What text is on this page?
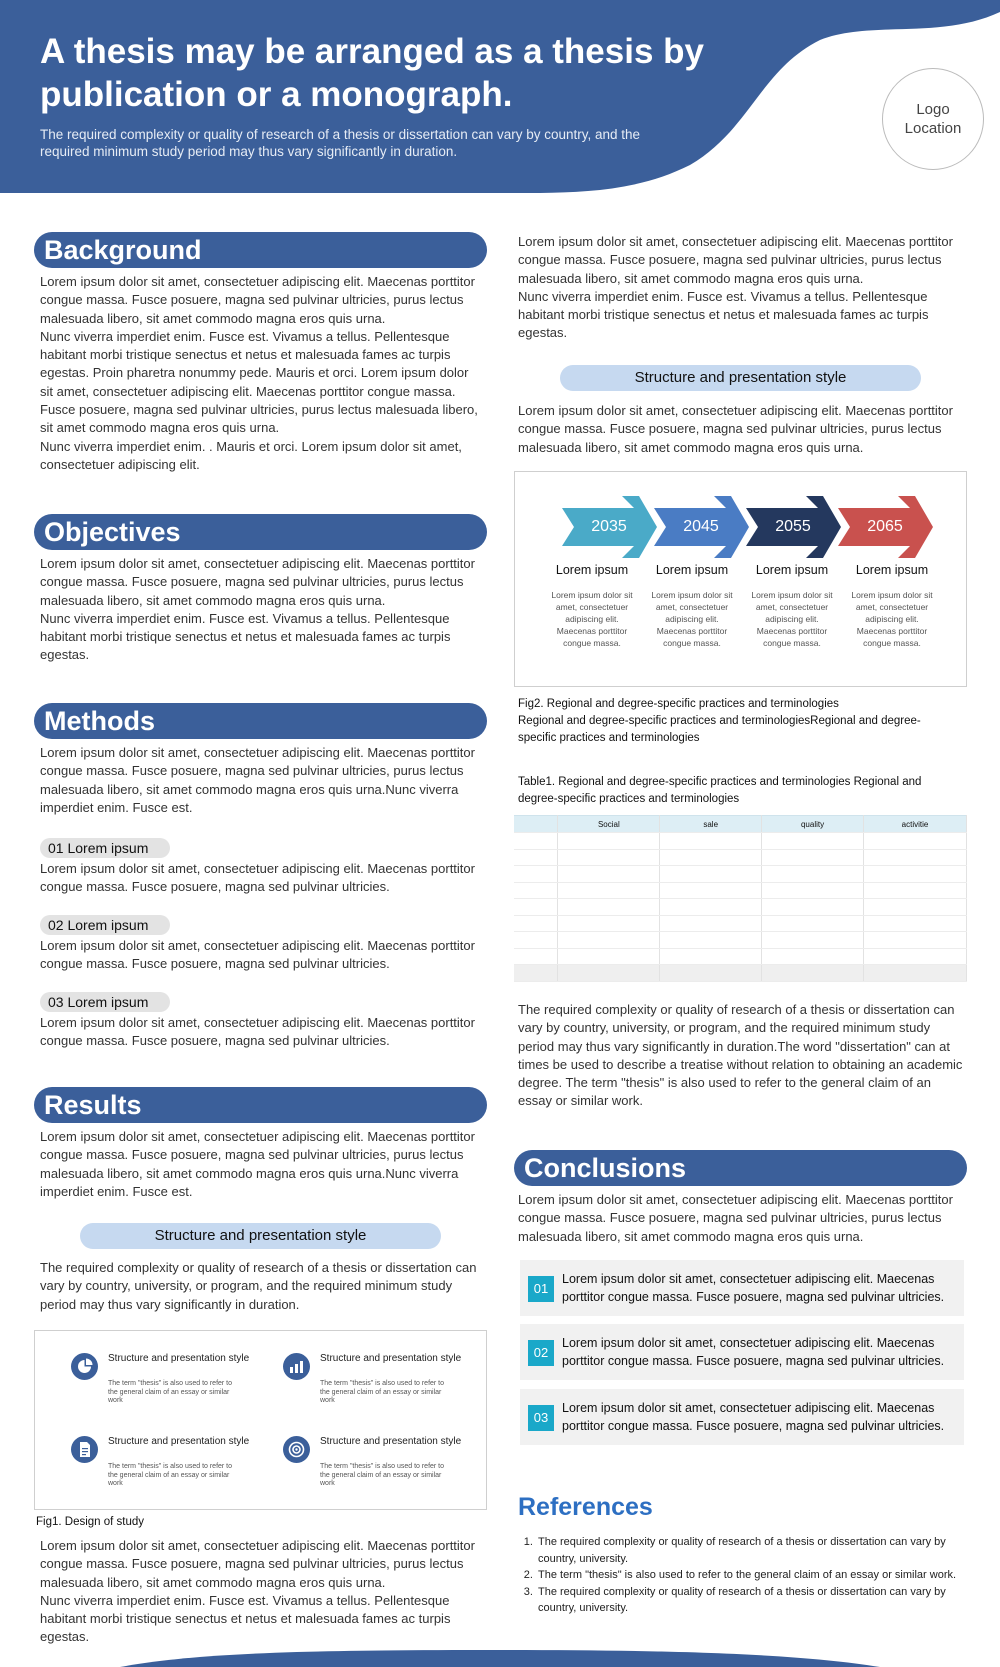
A thesis may be arranged as a thesis by publication or a monograph.
The required complexity or quality of research of a thesis or dissertation can vary by country, and the required minimum study period may thus vary significantly in duration.
Logo Location
Background
Lorem ipsum dolor sit amet, consectetuer adipiscing elit. Maecenas porttitor congue massa. Fusce posuere, magna sed pulvinar ultricies, purus lectus malesuada libero, sit amet commodo magna eros quis urna.
Nunc viverra imperdiet enim. Fusce est. Vivamus a tellus. Pellentesque habitant morbi tristique senectus et netus et malesuada fames ac turpis egestas. Proin pharetra nonummy pede. Mauris et orci. Lorem ipsum dolor sit amet, consectetuer adipiscing elit. Maecenas porttitor congue massa. Fusce posuere, magna sed pulvinar ultricies, purus lectus malesuada libero, sit amet commodo magna eros quis urna.
Nunc viverra imperdiet enim. . Mauris et orci. Lorem ipsum dolor sit amet, consectetuer adipiscing elit.
Objectives
Lorem ipsum dolor sit amet, consectetuer adipiscing elit. Maecenas porttitor congue massa. Fusce posuere, magna sed pulvinar ultricies, purus lectus malesuada libero, sit amet commodo magna eros quis urna.
Nunc viverra imperdiet enim. Fusce est. Vivamus a tellus. Pellentesque habitant morbi tristique senectus et netus et malesuada fames ac turpis egestas.
Methods
Lorem ipsum dolor sit amet, consectetuer adipiscing elit. Maecenas porttitor congue massa. Fusce posuere, magna sed pulvinar ultricies, purus lectus malesuada libero, sit amet commodo magna eros quis urna.Nunc viverra imperdiet enim. Fusce est.
01 Lorem ipsum
Lorem ipsum dolor sit amet, consectetuer adipiscing elit. Maecenas porttitor congue massa. Fusce posuere, magna sed pulvinar ultricies.
02 Lorem ipsum
Lorem ipsum dolor sit amet, consectetuer adipiscing elit. Maecenas porttitor congue massa. Fusce posuere, magna sed pulvinar ultricies.
03 Lorem ipsum
Lorem ipsum dolor sit amet, consectetuer adipiscing elit. Maecenas porttitor congue massa. Fusce posuere, magna sed pulvinar ultricies.
Results
Lorem ipsum dolor sit amet, consectetuer adipiscing elit. Maecenas porttitor congue massa. Fusce posuere, magna sed pulvinar ultricies, purus lectus malesuada libero, sit amet commodo magna eros quis urna.Nunc viverra imperdiet enim. Fusce est.
Structure and presentation style
The required complexity or quality of research of a thesis or dissertation can vary by country, university, or program, and the required minimum study period may thus vary significantly in duration.
Structure and presentation style
The term "thesis" is also used to refer to the general claim of an essay or similar work
Structure and presentation style
The term "thesis" is also used to refer to the general claim of an essay or similar work
Structure and presentation style
The term "thesis" is also used to refer to the general claim of an essay or similar work
Structure and presentation style
The term "thesis" is also used to refer to the general claim of an essay or similar work
Fig1. Design of study
Lorem ipsum dolor sit amet, consectetuer adipiscing elit. Maecenas porttitor congue massa. Fusce posuere, magna sed pulvinar ultricies, purus lectus malesuada libero, sit amet commodo magna eros quis urna.
Nunc viverra imperdiet enim. Fusce est. Vivamus a tellus. Pellentesque habitant morbi tristique senectus et netus et malesuada fames ac turpis egestas.
Lorem ipsum dolor sit amet, consectetuer adipiscing elit. Maecenas porttitor congue massa. Fusce posuere, magna sed pulvinar ultricies, purus lectus malesuada libero, sit amet commodo magna eros quis urna.
Nunc viverra imperdiet enim. Fusce est. Vivamus a tellus. Pellentesque habitant morbi tristique senectus et netus et malesuada fames ac turpis egestas.
Structure and presentation style
Lorem ipsum dolor sit amet, consectetuer adipiscing elit. Maecenas porttitor congue massa. Fusce posuere, magna sed pulvinar ultricies, purus lectus malesuada libero, sit amet commodo magna eros quis urna.
2035	2045	2055	2065
Lorem ipsum	Lorem ipsum	Lorem ipsum	Lorem ipsum
Lorem ipsum dolor sit amet, consectetuer adipiscing elit. Maecenas porttitor congue massa.
Lorem ipsum dolor sit amet, consectetuer adipiscing elit. Maecenas porttitor congue massa.
Lorem ipsum dolor sit amet, consectetuer adipiscing elit. Maecenas porttitor congue massa.
Lorem ipsum dolor sit amet, consectetuer adipiscing elit. Maecenas porttitor congue massa.
Fig2. Regional and degree-specific practices and terminologies
Regional and degree-specific practices and terminologiesRegional and degree-specific practices and terminologies
Table1. Regional and degree-specific practices and terminologies Regional and degree-specific practices and terminologies
	Social	sale	quality	activitie

The required complexity or quality of research of a thesis or dissertation can vary by country, university, or program, and the required minimum study period may thus vary significantly in duration.The word "dissertation" can at times be used to describe a treatise without relation to obtaining an academic degree. The term "thesis" is also used to refer to the general claim of an essay or similar work.
Conclusions
Lorem ipsum dolor sit amet, consectetuer adipiscing elit. Maecenas porttitor congue massa. Fusce posuere, magna sed pulvinar ultricies, purus lectus malesuada libero, sit amet commodo magna eros quis urna.
01
Lorem ipsum dolor sit amet, consectetuer adipiscing elit. Maecenas porttitor congue massa. Fusce posuere, magna sed pulvinar ultricies.
02
Lorem ipsum dolor sit amet, consectetuer adipiscing elit. Maecenas porttitor congue massa. Fusce posuere, magna sed pulvinar ultricies.
03
Lorem ipsum dolor sit amet, consectetuer adipiscing elit. Maecenas porttitor congue massa. Fusce posuere, magna sed pulvinar ultricies.
References
1. The required complexity or quality of research of a thesis or dissertation can vary by country, university.
2. The term "thesis" is also used to refer to the general claim of an essay or similar work.
3. The required complexity or quality of research of a thesis or dissertation can vary by country, university.
